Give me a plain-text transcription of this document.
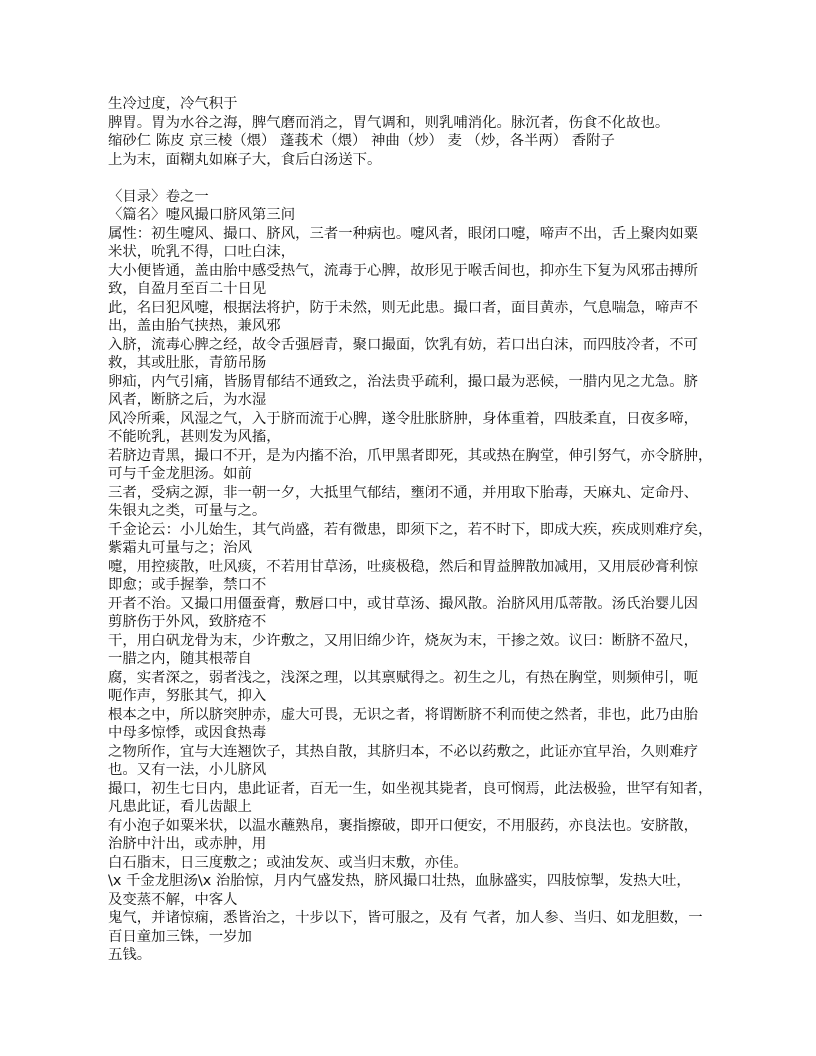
生冷过度，冷气积于
脾胃。胃为水谷之海，脾气磨而消之，胃气调和，则乳哺消化。脉沉者，伤食不化故也。
缩砂仁 陈皮 京三棱（煨） 蓬莪术（煨） 神曲（炒） 麦 （炒，各半两） 香附子
上为末，面糊丸如麻子大，食后白汤送下。
〈目录〉卷之一
〈篇名〉嚏风撮口脐风第三问
属性：初生嚏风、撮口、脐风，三者一种病也。嚏风者，眼闭口嚏，啼声不出，舌上聚肉如粟
米状，吮乳不得，口吐白沫，
大小便皆通，盖由胎中感受热气，流毒于心脾，故形见于喉舌间也，抑亦生下复为风邪击搏所
致，自盈月至百二十日见
此，名曰犯风嚏，根据法将护，防于未然，则无此患。撮口者，面目黄赤，气息喘急，啼声不
出，盖由胎气挟热，兼风邪
入脐，流毒心脾之经，故令舌强唇青，聚口撮面，饮乳有妨，若口出白沫，而四肢冷者，不可
救，其或肚胀，青筋吊肠
卵疝，内气引痛，皆肠胃郁结不通致之，治法贵乎疏利，撮口最为恶候，一腊内见之尤急。脐
风者，断脐之后，为水湿
风冷所乘，风湿之气，入于脐而流于心脾，遂令肚胀脐肿，身体重着，四肢柔直，日夜多啼，
不能吮乳，甚则发为风搐，
若脐边青黑，撮口不开，是为内搐不治，爪甲黑者即死，其或热在胸堂，伸引努气，亦令脐肿，
可与千金龙胆汤。如前
三者，受病之源，非一朝一夕，大抵里气郁结，壅闭不通，并用取下胎毒，天麻丸、定命丹、
朱银丸之类，可量与之。
千金论云：小儿始生，其气尚盛，若有微患，即须下之，若不时下，即成大疾，疾成则难疗矣，
紫霜丸可量与之；治风
嚏，用控痰散，吐风痰，不若用甘草汤，吐痰极稳，然后和胃益脾散加减用，又用辰砂膏利惊
即愈；或手握拳，禁口不
开者不治。又撮口用僵蚕膏，敷唇口中，或甘草汤、撮风散。治脐风用瓜蒂散。汤氏治婴儿因
剪脐伤于外风，致脐疮不
干，用白矾龙骨为末，少许敷之，又用旧绵少许，烧灰为末，干掺之效。议曰：断脐不盈尺，
一腊之内，随其根蒂自
腐，实者深之，弱者浅之，浅深之理，以其禀赋得之。初生之儿，有热在胸堂，则频伸引，呃
呃作声，努胀其气，抑入
根本之中，所以脐突肿赤，虚大可畏，无识之者，将谓断脐不利而使之然者，非也，此乃由胎
中母多惊悸，或因食热毒
之物所作，宜与大连翘饮子，其热自散，其脐归本，不必以药敷之，此证亦宜早治，久则难疗
也。又有一法，小儿脐风
撮口，初生七日内，患此证者，百无一生，如坐视其毙者，良可悯焉，此法极验，世罕有知者，
凡患此证，看儿齿龈上
有小泡子如粟米状，以温水蘸熟帛，裹指擦破，即开口便安，不用服药，亦良法也。安脐散，
治脐中汁出，或赤肿，用
白石脂末，日三度敷之；或油发灰、或当归末敷，亦佳。
\x 千金龙胆汤\x 治胎惊，月内气盛发热，脐风撮口壮热，血脉盛实，四肢惊掣，发热大吐，
及变蒸不解，中客人
鬼气，并诸惊痫，悉皆治之，十步以下，皆可服之，及有 气者，加人参、当归、如龙胆数，一
百日童加三铢，一岁加
五钱。
